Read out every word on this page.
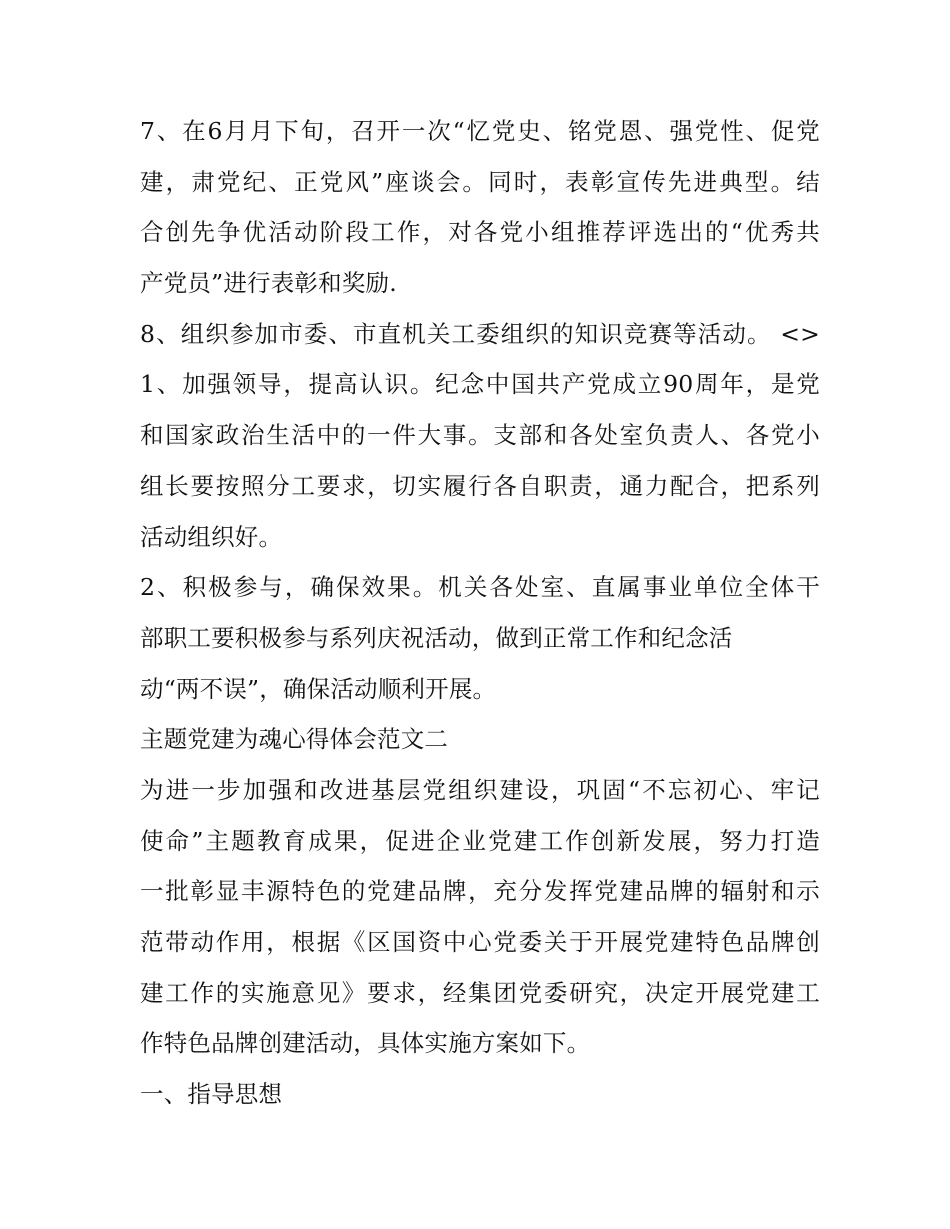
7、在6月月下旬，召开一次“忆党史、铭党恩、强党性、促党
建，肃党纪、正党风”座谈会。同时，表彰宣传先进典型。结
合创先争优活动阶段工作，对各党小组推荐评选出的“优秀共
产党员”进行表彰和奖励.
8、组织参加市委、市直机关工委组织的知识竞赛等活动。 <>
1、加强领导，提高认识。纪念中国共产党成立90周年，是党
和国家政治生活中的一件大事。支部和各处室负责人、各党小
组长要按照分工要求，切实履行各自职责，通力配合，把系列
活动组织好。
2、积极参与，确保效果。机关各处室、直属事业单位全体干
部职工要积极参与系列庆祝活动，做到正常工作和纪念活
动“两不误”，确保活动顺利开展。
主题党建为魂心得体会范文二
为进一步加强和改进基层党组织建设，巩固“不忘初心、牢记
使命”主题教育成果，促进企业党建工作创新发展，努力打造
一批彰显丰源特色的党建品牌，充分发挥党建品牌的辐射和示
范带动作用，根据《区国资中心党委关于开展党建特色品牌创
建工作的实施意见》要求，经集团党委研究，决定开展党建工
作特色品牌创建活动，具体实施方案如下。
一、指导思想
